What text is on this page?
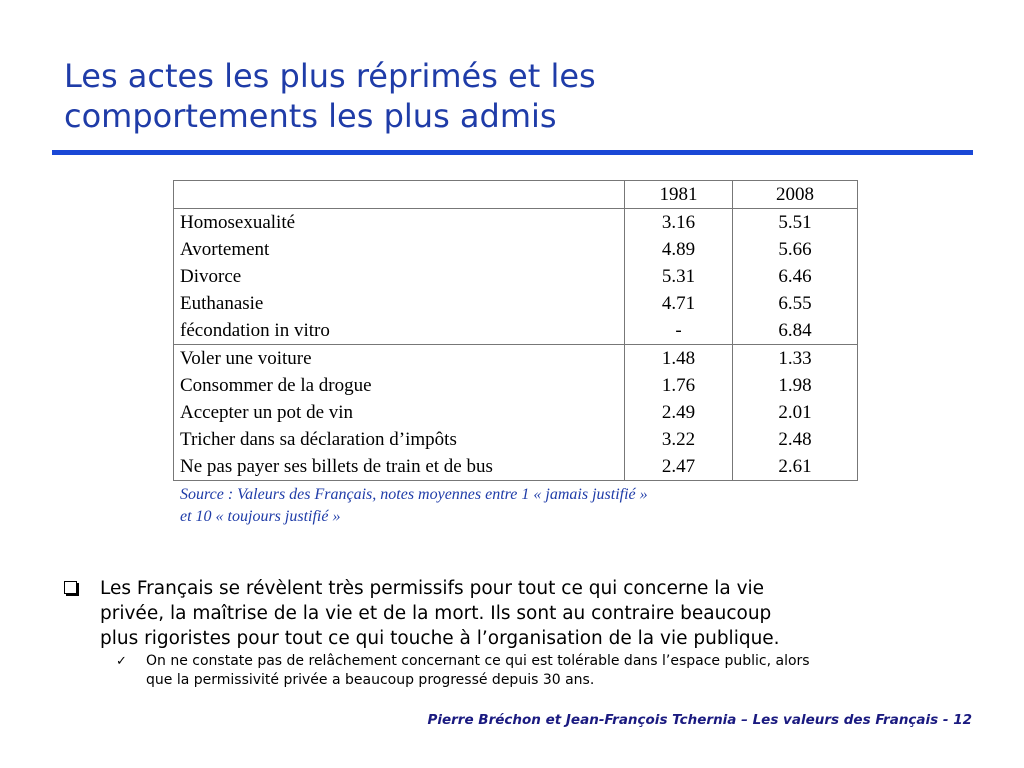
Les actes les plus réprimés et les
comportements les plus admis
	1981	2008
Homosexualité	3.16	5.51
Avortement	4.89	5.66
Divorce	5.31	6.46
Euthanasie	4.71	6.55
fécondation in vitro	-	6.84
Voler une voiture	1.48	1.33
Consommer de la drogue	1.76	1.98
Accepter un pot de vin	2.49	2.01
Tricher dans sa déclaration d’impôts	3.22	2.48
Ne pas payer ses billets de train et de bus	2.47	2.61
Source : Valeurs des Français, notes moyennes entre 1 « jamais justifié »
et 10 « toujours justifié »
Les Français se révèlent très permissifs pour tout ce qui concerne la vie
privée, la maîtrise de la vie et de la mort. Ils sont au contraire beaucoup
plus rigoristes pour tout ce qui touche à l’organisation de la vie publique.
✓ On ne constate pas de relâchement concernant ce qui est tolérable dans l’espace public, alors
que la permissivité privée a beaucoup progressé depuis 30 ans.
Pierre Bréchon et Jean-François Tchernia – Les valeurs des Français - 12
